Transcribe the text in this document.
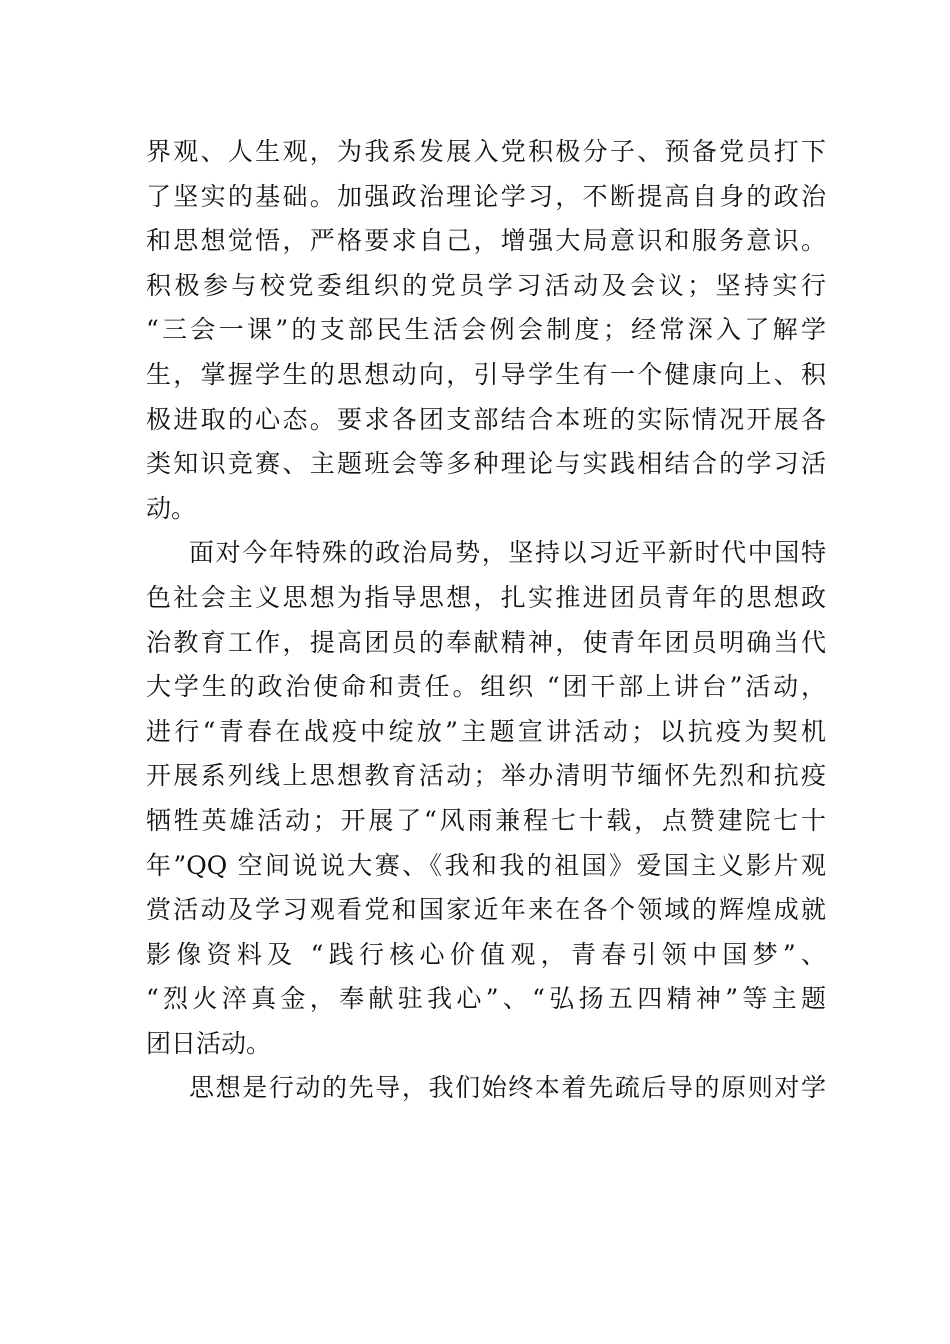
界观、人生观，为我系发展入党积极分子、预备党员打下
了坚实的基础。加强政治理论学习，不断提高自身的政治
和思想觉悟，严格要求自己，增强大局意识和服务意识。
积极参与校党委组织的党员学习活动及会议；坚持实行
“三会一课”的支部民生活会例会制度；经常深入了解学
生，掌握学生的思想动向，引导学生有一个健康向上、积
极进取的心态。要求各团支部结合本班的实际情况开展各
类知识竞赛、主题班会等多种理论与实践相结合的学习活
动。
面对今年特殊的政治局势，坚持以习近平新时代中国特
色社会主义思想为指导思想，扎实推进团员青年的思想政
治教育工作，提高团员的奉献精神，使青年团员明确当代
大学生的政治使命和责任。组织 “团干部上讲台”活动，
进行“青春在战疫中绽放”主题宣讲活动；以抗疫为契机
开展系列线上思想教育活动；举办清明节缅怀先烈和抗疫
牺牲英雄活动；开展了“风雨兼程七十载，点赞建院七十
年”QQ 空间说说大赛、《我和我的祖国》爱国主义影片观
赏活动及学习观看党和国家近年来在各个领域的辉煌成就
影像资料及 “践行核心价值观，青春引领中国梦”、
“烈火淬真金，奉献驻我心”、“弘扬五四精神”等主题
团日活动。
思想是行动的先导，我们始终本着先疏后导的原则对学
